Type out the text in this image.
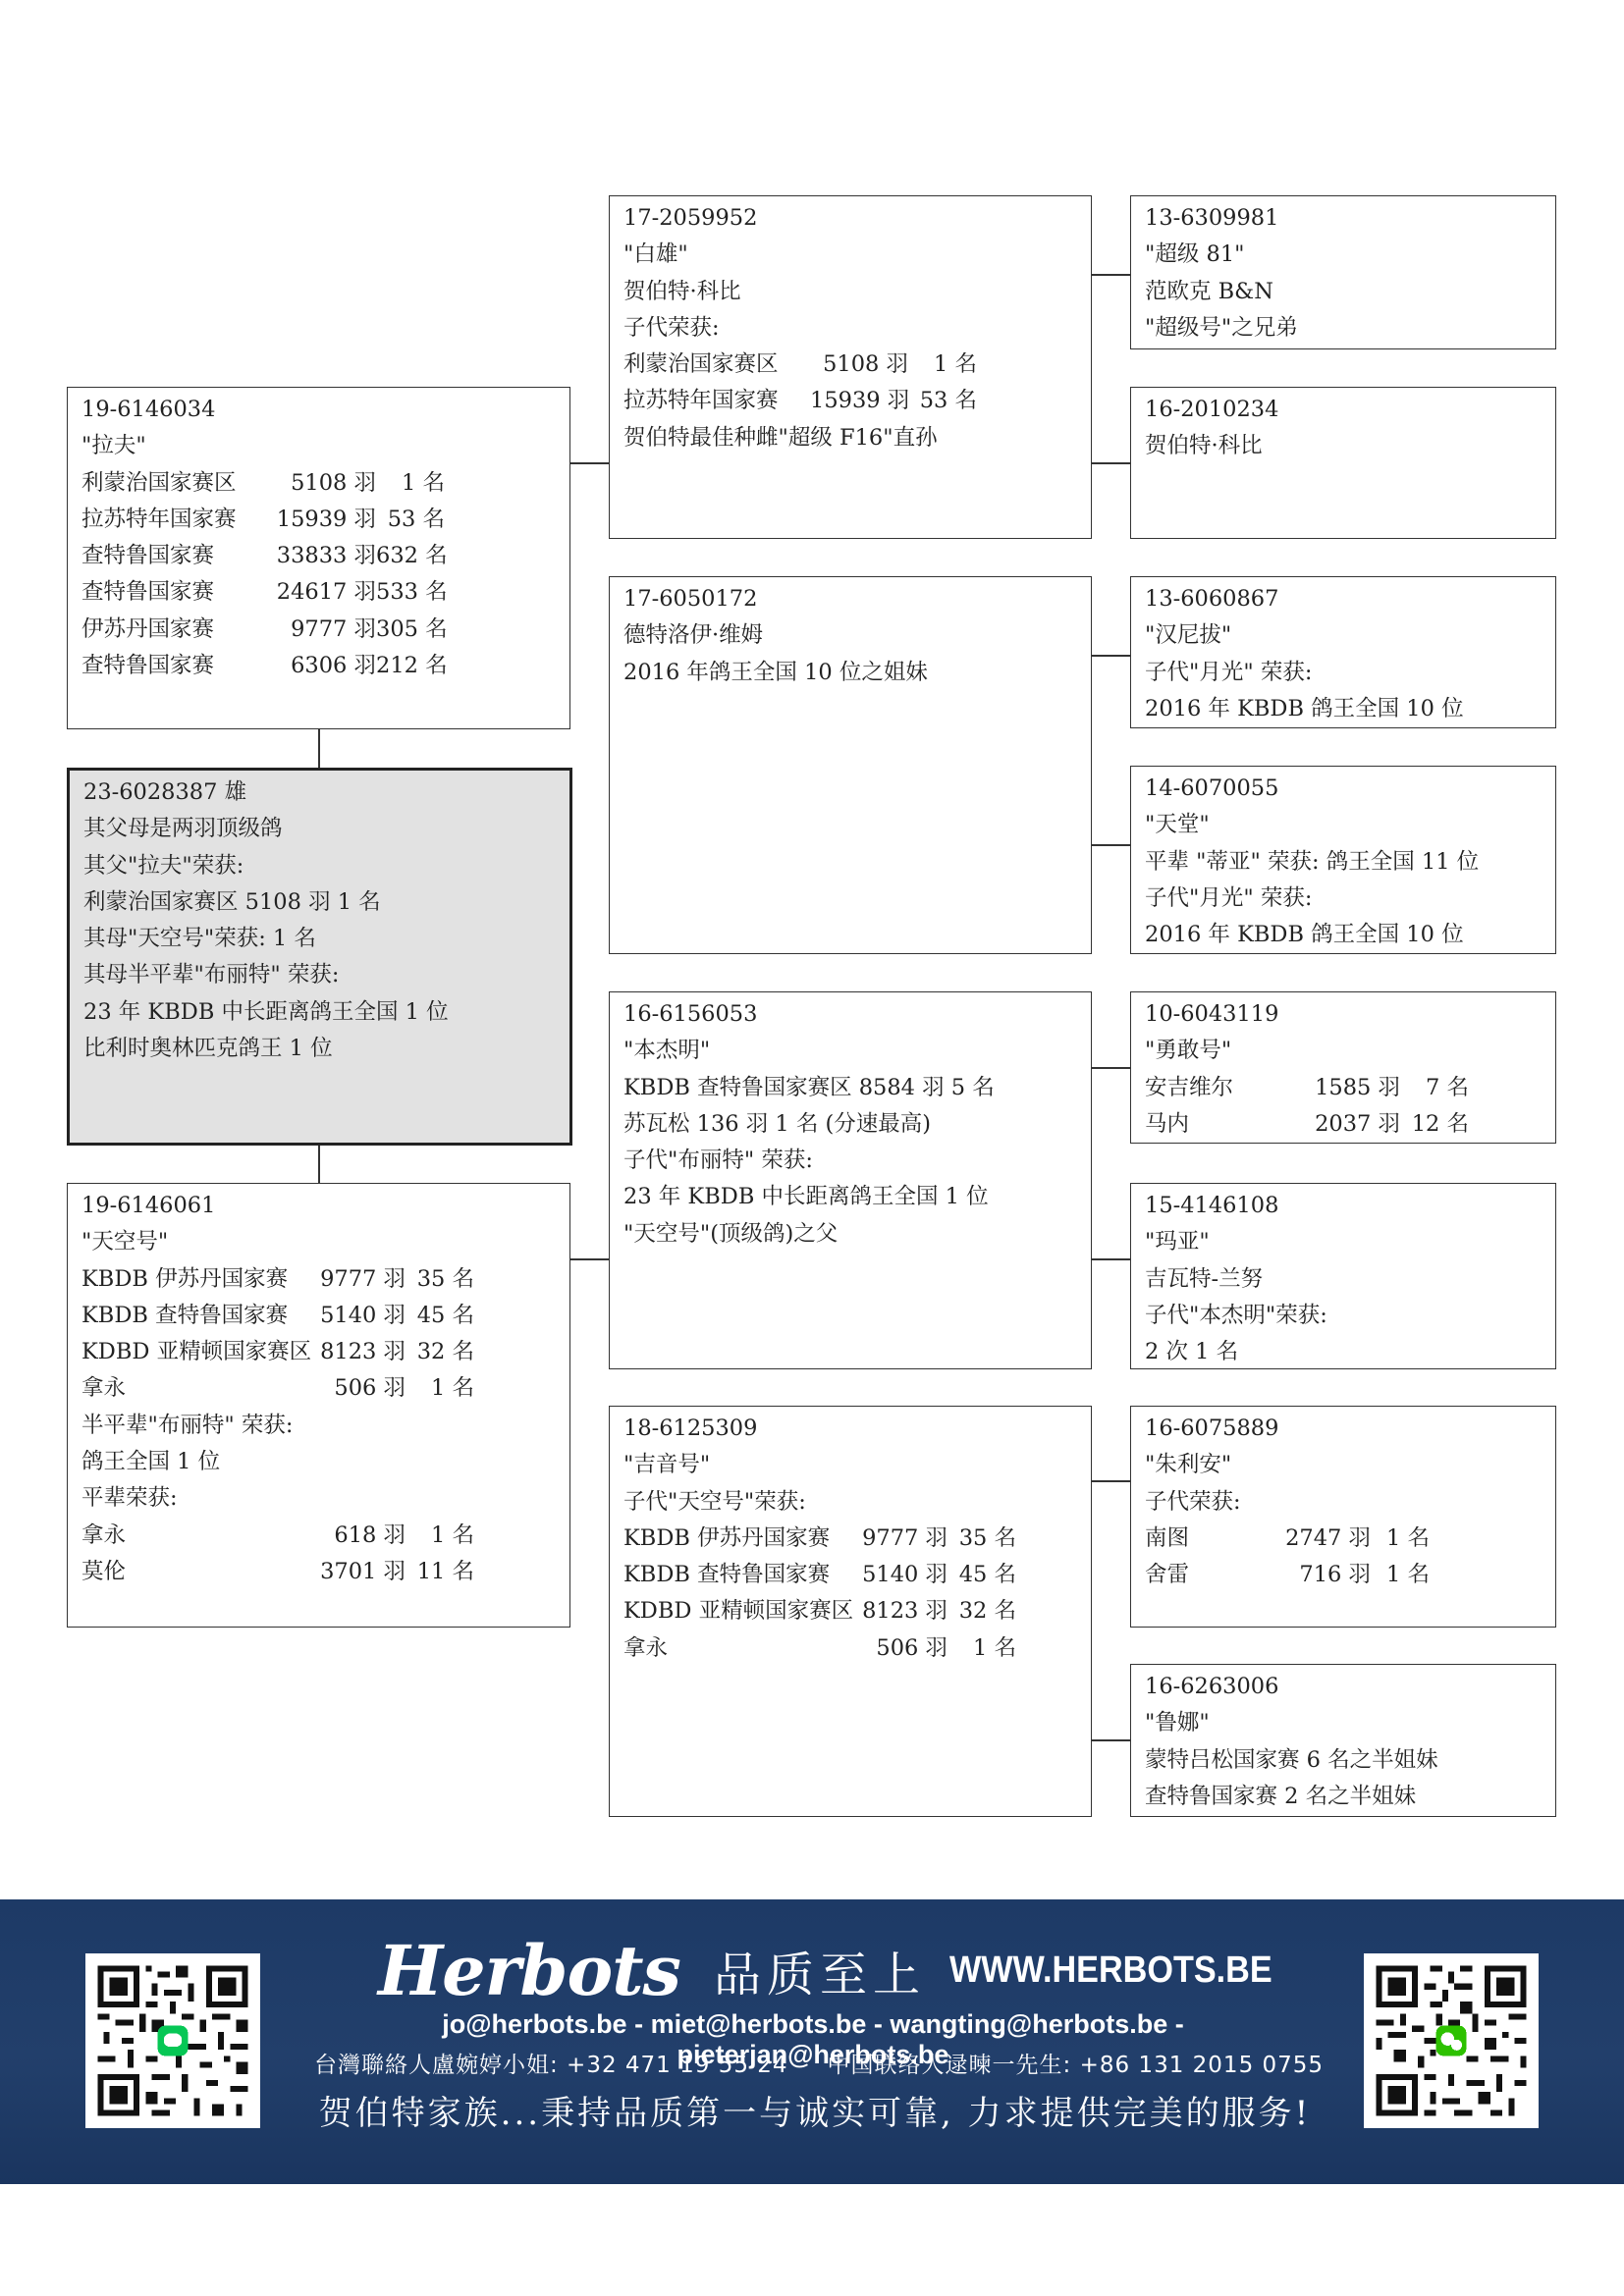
23-6028387 雄
其父母是两羽顶级鸽
其父"拉夫"荣获:
利蒙治国家赛区 5108 羽 1 名
其母"天空号"荣获: 1 名
其母半平辈"布丽特" 荣获:
23 年 KBDB 中长距离鸽王全国 1 位
比利时奥林匹克鸽王 1 位
19-6146034
"拉夫"
利蒙治国家赛区	5108 羽	1 名
拉苏特年国家赛	15939 羽 53 名
查特鲁国家赛	33833 羽 632 名
查特鲁国家赛	24617 羽 533 名
伊苏丹国家赛	9777 羽 305 名
查特鲁国家赛	6306 羽 212 名
19-6146061
"天空号"
KBDB 伊苏丹国家赛	9777 羽 35 名
KBDB 查特鲁国家赛	5140 羽 45 名
KDBD 亚精顿国家赛区 8123 羽 32 名
拿永	506 羽	1 名
半平辈"布丽特" 荣获:
鸽王全国 1 位
平辈荣获:
拿永	618 羽	1 名
莫伦	3701 羽 11 名
17-2059952
"白雄"
贺伯特·科比
子代荣获:
利蒙治国家赛区	5108 羽	1 名
拉苏特年国家赛	15939 羽 53 名
贺伯特最佳种雌"超级 F16"直孙
17-6050172
德特洛伊·维姆
2016 年鸽王全国 10 位之姐妹
16-6156053
"本杰明"
KBDB 查特鲁国家赛区 8584 羽 5 名
苏瓦松 136 羽 1 名 (分速最高)
子代"布丽特" 荣获:
23 年 KBDB 中长距离鸽王全国 1 位
"天空号"(顶级鸽)之父
18-6125309
"吉音号"
子代"天空号"荣获:
KBDB 伊苏丹国家赛	9777 羽 35 名
KBDB 查特鲁国家赛	5140 羽 45 名
KDBD 亚精顿国家赛区 8123 羽 32 名
拿永	506 羽	1 名
13-6309981
"超级 81"
范欧克 B&N
"超级号"之兄弟
16-2010234
贺伯特·科比
13-6060867
"汉尼拔"
子代"月光" 荣获:
2016 年 KBDB 鸽王全国 10 位
14-6070055
"天堂"
平辈 "蒂亚" 荣获: 鸽王全国 11 位
子代"月光" 荣获:
2016 年 KBDB 鸽王全国 10 位
10-6043119
"勇敢号"
安吉维尔	1585 羽	7 名
马内	2037 羽 12 名
15-4146108
"玛亚"
吉瓦特-兰努
子代"本杰明"荣获:
2 次 1 名
16-6075889
"朱利安"
子代荣获:
南图	2747 羽 1 名
舍雷	716 羽 1 名
16-6263006
"鲁娜"
蒙特吕松国家赛 6 名之半姐妹
查特鲁国家赛 2 名之半姐妹
Herbots 品质至上 WWW.HERBOTS.BE
jo@herbots.be - miet@herbots.be - wangting@herbots.be - pieterjan@herbots.be
台灣聯絡人盧婉婷小姐: +32 471 19 55 24 中国联络人逯暕一先生: +86 131 2015 0755
贺伯特家族...秉持品质第一与诚实可靠, 力求提供完美的服务!
